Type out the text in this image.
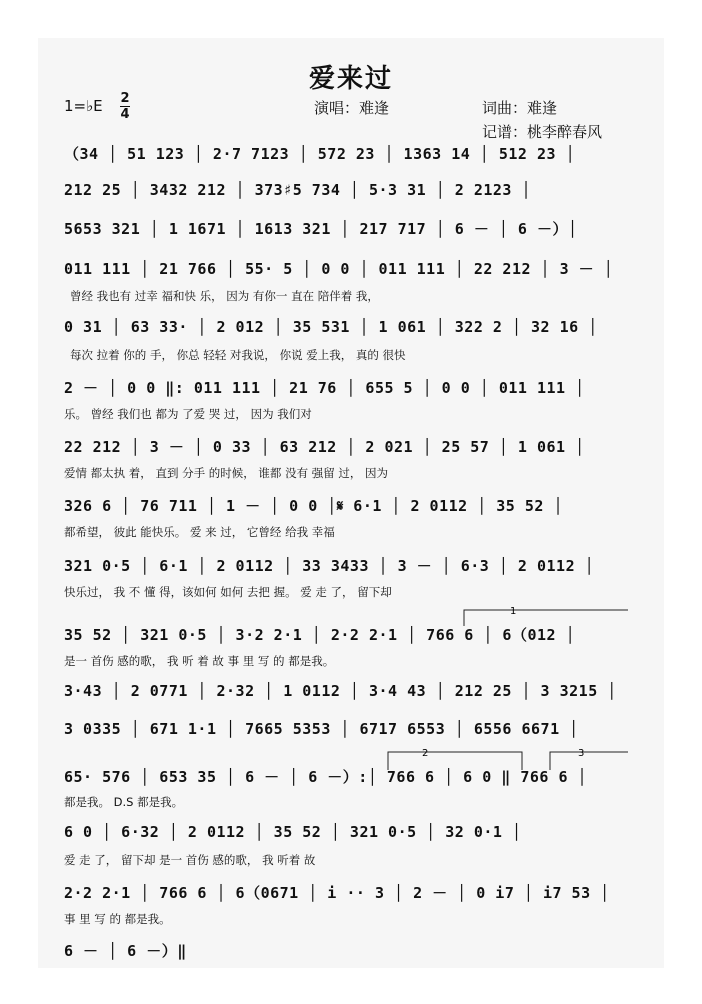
爱来过
1=♭E 2
4	演唱：难逢	词曲：难逢
记谱：桃李醉春风
（34 │ 51 123 │ 2·7 7123 │ 572 23 │ 1363 14 │ 512 23 │
212 25 │ 3432 212 │ 373♯5 734 │ 5·3 31 │ 2 2123 │
5653 321 │ 1 1671 │ 1613 321 │ 217 717 │ 6 － │ 6 －）│
011 111 │ 21 766 │ 55· 5 │ 0 0 │ 011 111 │ 22 212 │ 3 － │
曾经 我也有 过幸 福和快 乐， 因为 有你一 直在 陪伴着 我，
0 31 │ 63 33· │ 2 012 │ 35 531 │ 1 061 │ 322 2 │ 32 16 │
每次 拉着 你的 手， 你总 轻轻 对我说， 你说 爱上我， 真的 很快
2 － │ 0 0 ‖: 011 111 │ 21 76 │ 655 5 │ 0 0 │ 011 111 │
乐。 曾经 我们也 都为 了爱 哭 过， 因为 我们对
22 212 │ 3 － │ 0 33 │ 63 212 │ 2 021 │ 25 57 │ 1 061 │
爱情 都太执 着， 直到 分手 的时候， 谁都 没有 强留 过， 因为
326 6 │ 76 711 │ 1 － │ 0 0 │𝄋 6·1 │ 2 0112 │ 35 52 │
都希望， 彼此 能快乐。 爱 来 过， 它曾经 给我 幸福
321 0·5 │ 6·1 │ 2 0112 │ 33 3433 │ 3 － │ 6·3 │ 2 0112 │
快乐过， 我 不 懂 得，该如何 如何 去把 握。 爱 走 了， 留下却
35 52 │ 321 0·5 │ 3·2 2·1 │ 2·2 2·1 │ 766 6 │ 6（012 │
是一 首伤 感的歌， 我 听 着 故 事 里 写 的 都是我。
3·43 │ 2 0771 │ 2·32 │ 1 0112 │ 3·4 43 │ 212 25 │ 3 3215 │
3 0335 │ 671 1·1 │ 7665 5353 │ 6717 6553 │ 6556 6671 │
65· 576 │ 653 35 │ 6 － │ 6 －）:│ 766 6 │ 6 0 ‖ 766 6 │
都是我。 D.S 都是我。
6 0 │ 6·32 │ 2 0112 │ 35 52 │ 321 0·5 │ 32 0·1 │
爱 走 了， 留下却 是一 首伤 感的歌， 我 听着 故
2·2 2·1 │ 766 6 │ 6（0671 │ i ·· 3 │ 2 － │ 0 i7 │ i7 53 │
事 里 写 的 都是我。
6 － │ 6 －）‖
1
2	3
